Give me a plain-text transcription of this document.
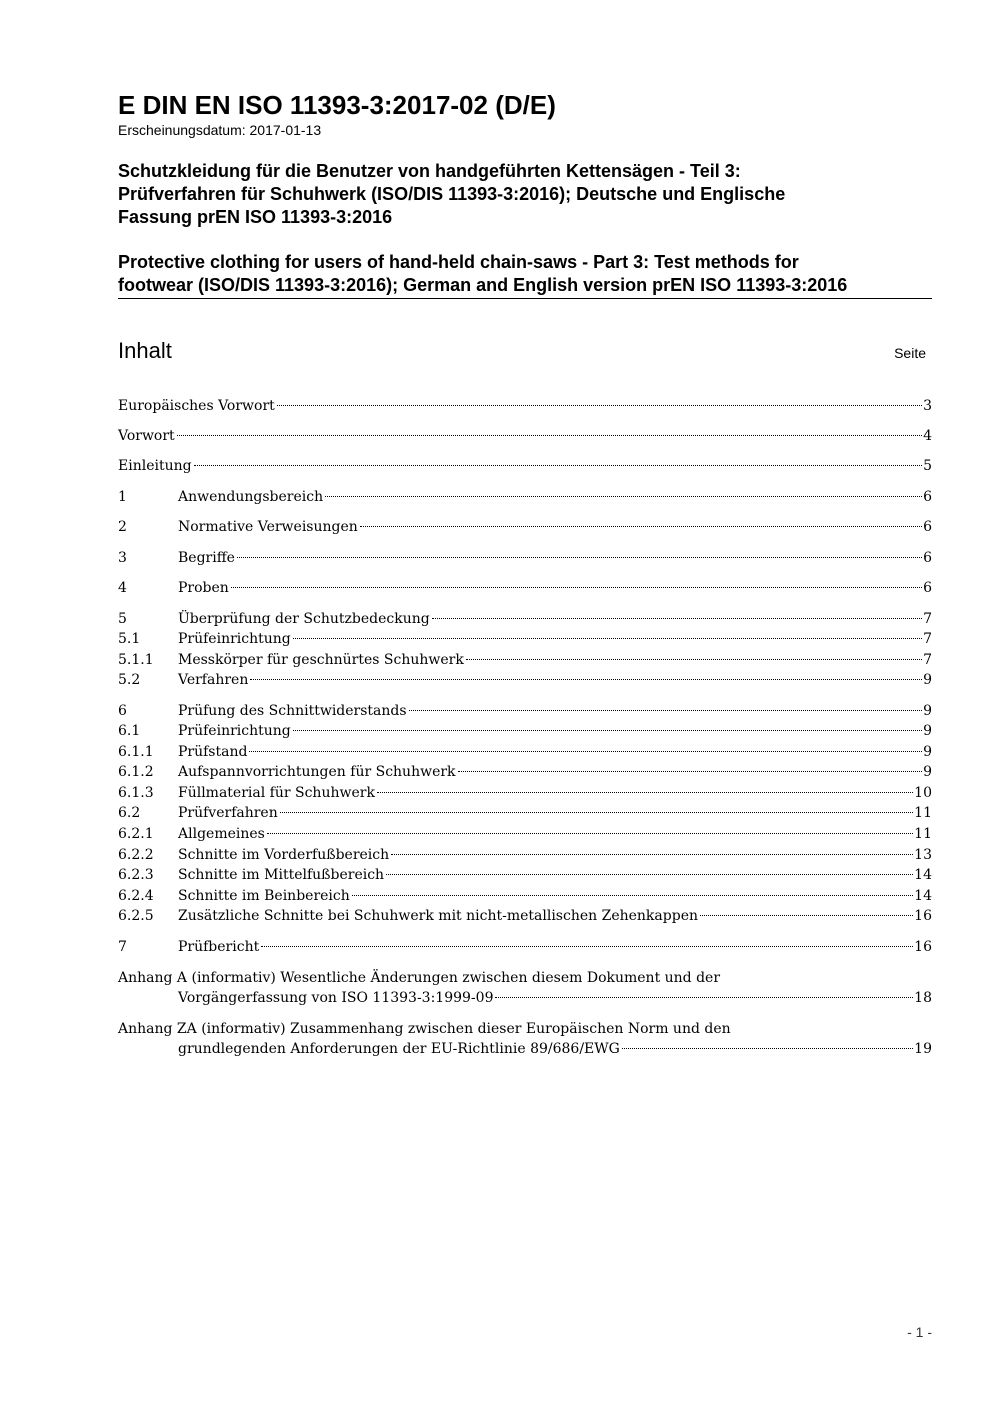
E DIN EN ISO 11393-3:2017-02 (D/E)
Erscheinungsdatum: 2017-01-13
Schutzkleidung für die Benutzer von handgeführten Kettensägen - Teil 3:
Prüfverfahren für Schuhwerk (ISO/DIS 11393-3:2016); Deutsche und Englische
Fassung prEN ISO 11393-3:2016
Protective clothing for users of hand-held chain-saws - Part 3: Test methods for
footwear (ISO/DIS 11393-3:2016); German and English version prEN ISO 11393-3:2016
Inhalt	Seite
Europäisches Vorwort	3
Vorwort	4
Einleitung	5
1	Anwendungsbereich	6
2	Normative Verweisungen	6
3	Begriffe	6
4	Proben	6
5	Überprüfung der Schutzbedeckung	7
5.1	Prüfeinrichtung	7
5.1.1	Messkörper für geschnürtes Schuhwerk	7
5.2	Verfahren	9
6	Prüfung des Schnittwiderstands	9
6.1	Prüfeinrichtung	9
6.1.1	Prüfstand	9
6.1.2	Aufspannvorrichtungen für Schuhwerk	9
6.1.3	Füllmaterial für Schuhwerk	10
6.2	Prüfverfahren	11
6.2.1	Allgemeines	11
6.2.2	Schnitte im Vorderfußbereich	13
6.2.3	Schnitte im Mittelfußbereich	14
6.2.4	Schnitte im Beinbereich	14
6.2.5	Zusätzliche Schnitte bei Schuhwerk mit nicht-metallischen Zehenkappen	16
7	Prüfbericht	16
Anhang A (informativ) Wesentliche Änderungen zwischen diesem Dokument und der
Vorgängerfassung von ISO 11393-3:1999-09	18
Anhang ZA (informativ) Zusammenhang zwischen dieser Europäischen Norm und den
grundlegenden Anforderungen der EU-Richtlinie 89/686/EWG	19
- 1 -
